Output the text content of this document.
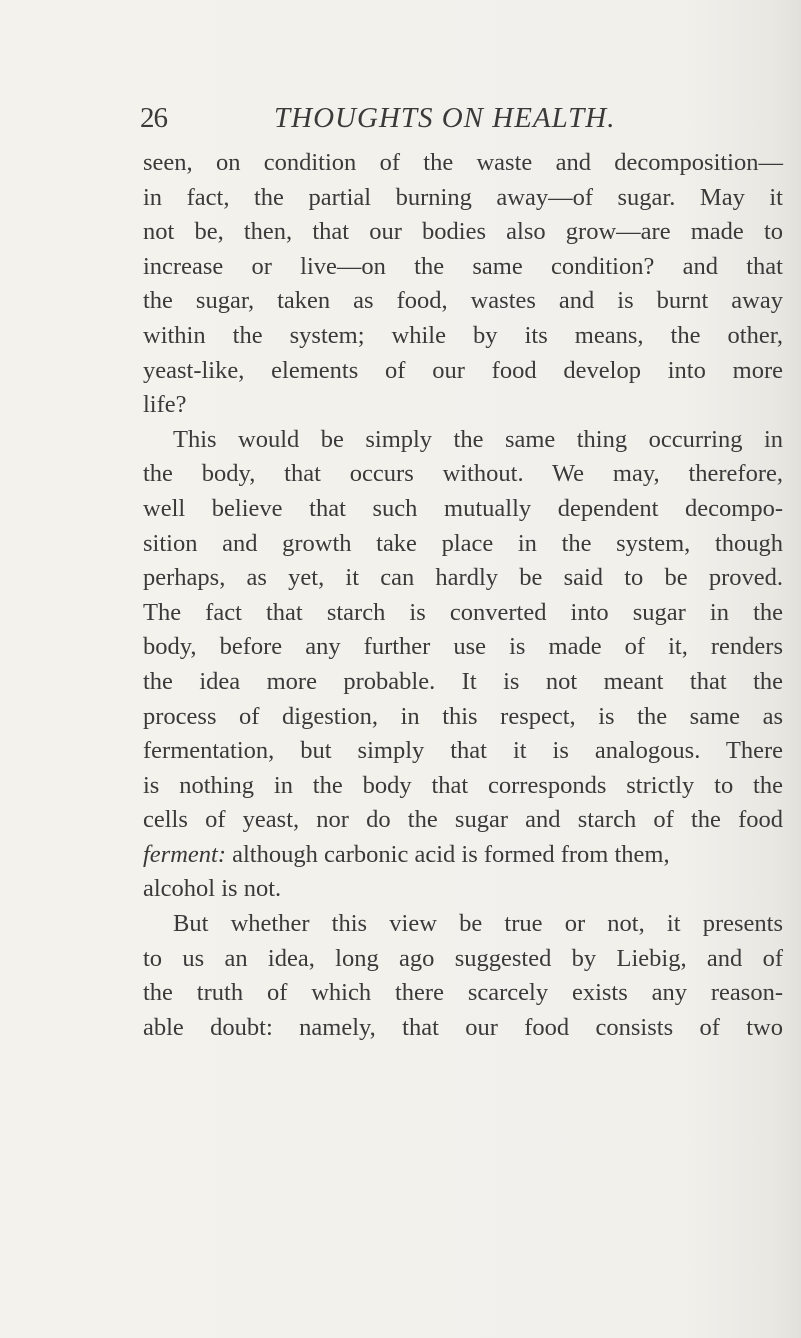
26	THOUGHTS ON HEALTH.
seen, on condition of the waste and decomposition—
in fact, the partial burning away—of sugar. May it
not be, then, that our bodies also grow—are made to
increase or live—on the same condition? and that
the sugar, taken as food, wastes and is burnt away
within the system; while by its means, the other,
yeast-like, elements of our food develop into more
life?
This would be simply the same thing occurring in
the body, that occurs without. We may, therefore,
well believe that such mutually dependent decompo-
sition and growth take place in the system, though
perhaps, as yet, it can hardly be said to be proved.
The fact that starch is converted into sugar in the
body, before any further use is made of it, renders
the idea more probable. It is not meant that the
process of digestion, in this respect, is the same as
fermentation, but simply that it is analogous. There
is nothing in the body that corresponds strictly to the
cells of yeast, nor do the sugar and starch of the food
ferment: although carbonic acid is formed from them,
alcohol is not.
But whether this view be true or not, it presents
to us an idea, long ago suggested by Liebig, and of
the truth of which there scarcely exists any reason-
able doubt: namely, that our food consists of two
